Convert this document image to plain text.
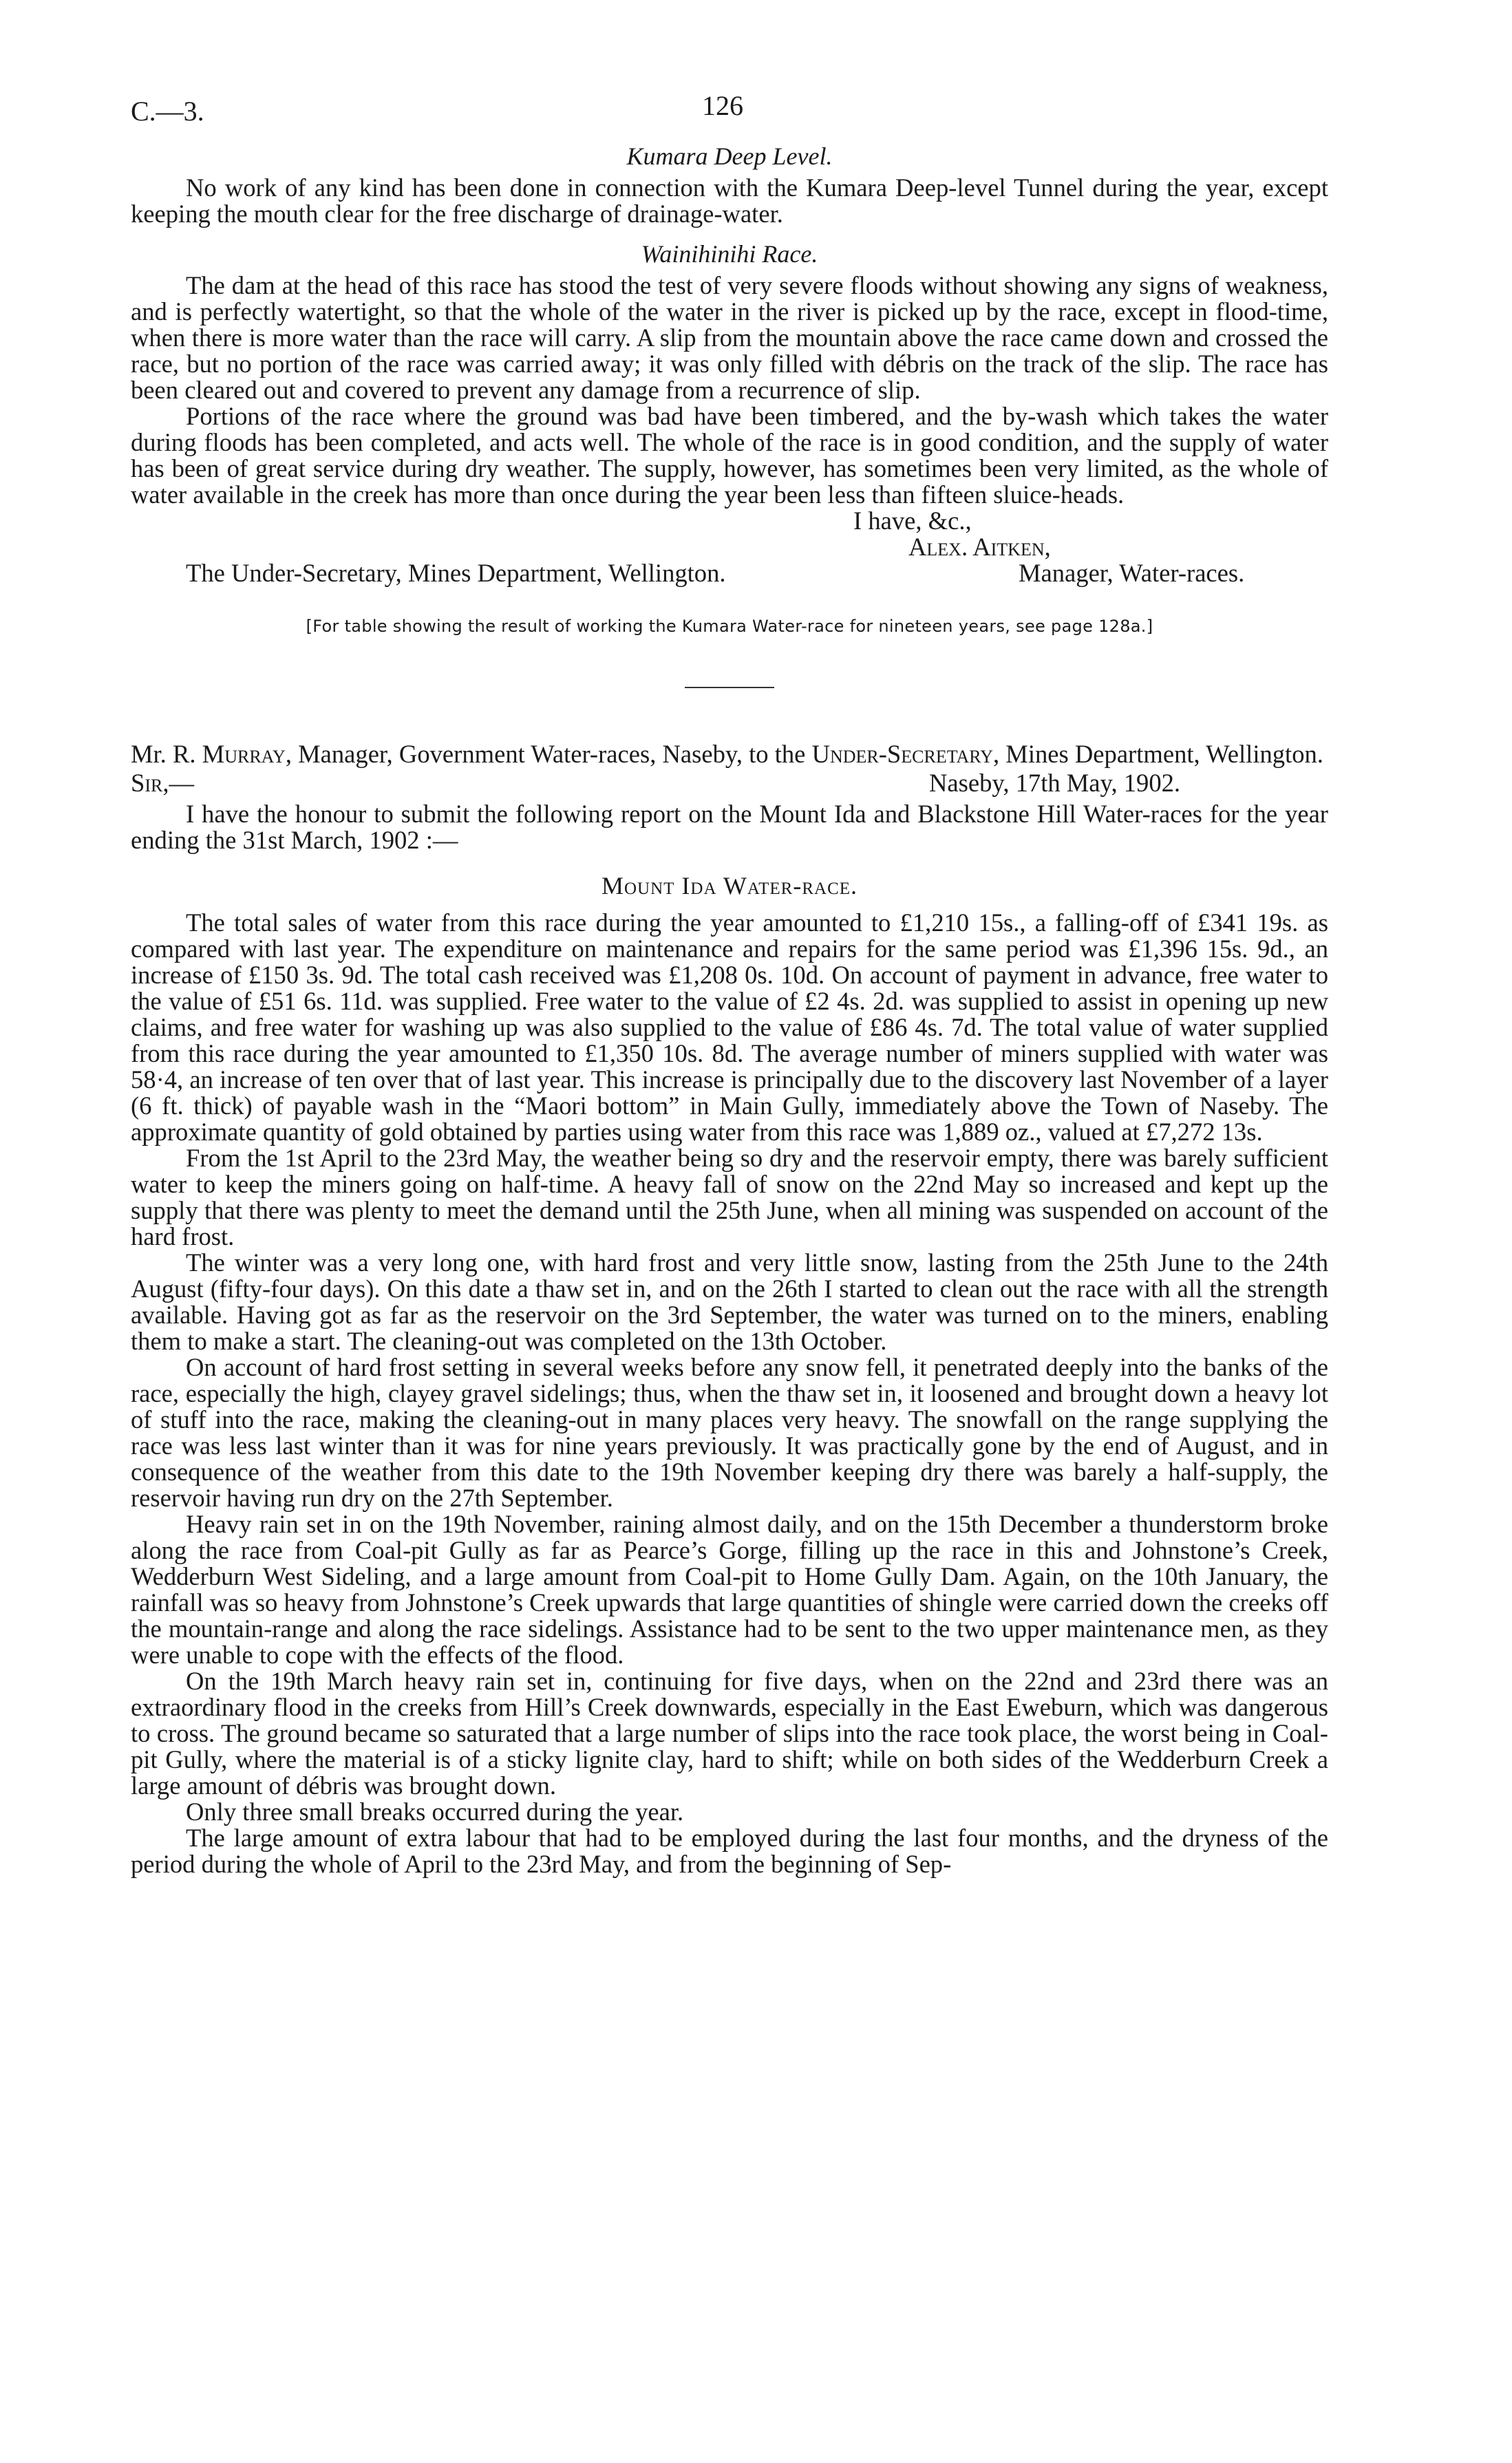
C.—3.	126
Kumara Deep Level.

No work of any kind has been done in connection with the Kumara Deep-level Tunnel during the year, except keeping the mouth clear for the free discharge of drainage-water.

Wainihinihi Race.

The dam at the head of this race has stood the test of very severe floods without showing any signs of weakness, and is perfectly watertight, so that the whole of the water in the river is picked up by the race, except in flood-time, when there is more water than the race will carry. A slip from the mountain above the race came down and crossed the race, but no portion of the race was carried away; it was only filled with débris on the track of the slip. The race has been cleared out and covered to prevent any damage from a recurrence of slip.

Portions of the race where the ground was bad have been timbered, and the by-wash which takes the water during floods has been completed, and acts well. The whole of the race is in good condition, and the supply of water has been of great service during dry weather. The supply, however, has sometimes been very limited, as the whole of water available in the creek has more than once during the year been less than fifteen sluice-heads.

I have, &c.,
Alex. Aitken,
The Under-Secretary, Mines Department, Wellington.	Manager, Water-races.
[For table showing the result of working the Kumara Water-race for nineteen years, see page 128a.]

Mr. R. Murray, Manager, Government Water-races, Naseby, to the Under-Secretary, Mines Department, Wellington.

Sir,—	Naseby, 17th May, 1902.

I have the honour to submit the following report on the Mount Ida and Blackstone Hill Water-races for the year ending the 31st March, 1902 :—

Mount Ida Water-race.

The total sales of water from this race during the year amounted to £1,210 15s., a falling-off of £341 19s. as compared with last year. The expenditure on maintenance and repairs for the same period was £1,396 15s. 9d., an increase of £150 3s. 9d. The total cash received was £1,208 0s. 10d. On account of payment in advance, free water to the value of £51 6s. 11d. was supplied. Free water to the value of £2 4s. 2d. was supplied to assist in opening up new claims, and free water for washing up was also supplied to the value of £86 4s. 7d. The total value of water supplied from this race during the year amounted to £1,350 10s. 8d. The average number of miners supplied with water was 58·4, an increase of ten over that of last year. This increase is principally due to the discovery last November of a layer (6 ft. thick) of payable wash in the “Maori bottom” in Main Gully, immediately above the Town of Naseby. The approximate quantity of gold obtained by parties using water from this race was 1,889 oz., valued at £7,272 13s.

From the 1st April to the 23rd May, the weather being so dry and the reservoir empty, there was barely sufficient water to keep the miners going on half-time. A heavy fall of snow on the 22nd May so increased and kept up the supply that there was plenty to meet the demand until the 25th June, when all mining was suspended on account of the hard frost.

The winter was a very long one, with hard frost and very little snow, lasting from the 25th June to the 24th August (fifty-four days). On this date a thaw set in, and on the 26th I started to clean out the race with all the strength available. Having got as far as the reservoir on the 3rd September, the water was turned on to the miners, enabling them to make a start. The cleaning-out was completed on the 13th October.

On account of hard frost setting in several weeks before any snow fell, it penetrated deeply into the banks of the race, especially the high, clayey gravel sidelings; thus, when the thaw set in, it loosened and brought down a heavy lot of stuff into the race, making the cleaning-out in many places very heavy. The snowfall on the range supplying the race was less last winter than it was for nine years previously. It was practically gone by the end of August, and in consequence of the weather from this date to the 19th November keeping dry there was barely a half-supply, the reservoir having run dry on the 27th September.

Heavy rain set in on the 19th November, raining almost daily, and on the 15th December a thunderstorm broke along the race from Coal-pit Gully as far as Pearce’s Gorge, filling up the race in this and Johnstone’s Creek, Wedderburn West Sideling, and a large amount from Coal-pit to Home Gully Dam. Again, on the 10th January, the rainfall was so heavy from Johnstone’s Creek upwards that large quantities of shingle were carried down the creeks off the mountain-range and along the race sidelings. Assistance had to be sent to the two upper maintenance men, as they were unable to cope with the effects of the flood.

On the 19th March heavy rain set in, continuing for five days, when on the 22nd and 23rd there was an extraordinary flood in the creeks from Hill’s Creek downwards, especially in the East Eweburn, which was dangerous to cross. The ground became so saturated that a large number of slips into the race took place, the worst being in Coal-pit Gully, where the material is of a sticky lignite clay, hard to shift; while on both sides of the Wedderburn Creek a large amount of débris was brought down.

Only three small breaks occurred during the year.

The large amount of extra labour that had to be employed during the last four months, and the dryness of the period during the whole of April to the 23rd May, and from the beginning of Sep-
